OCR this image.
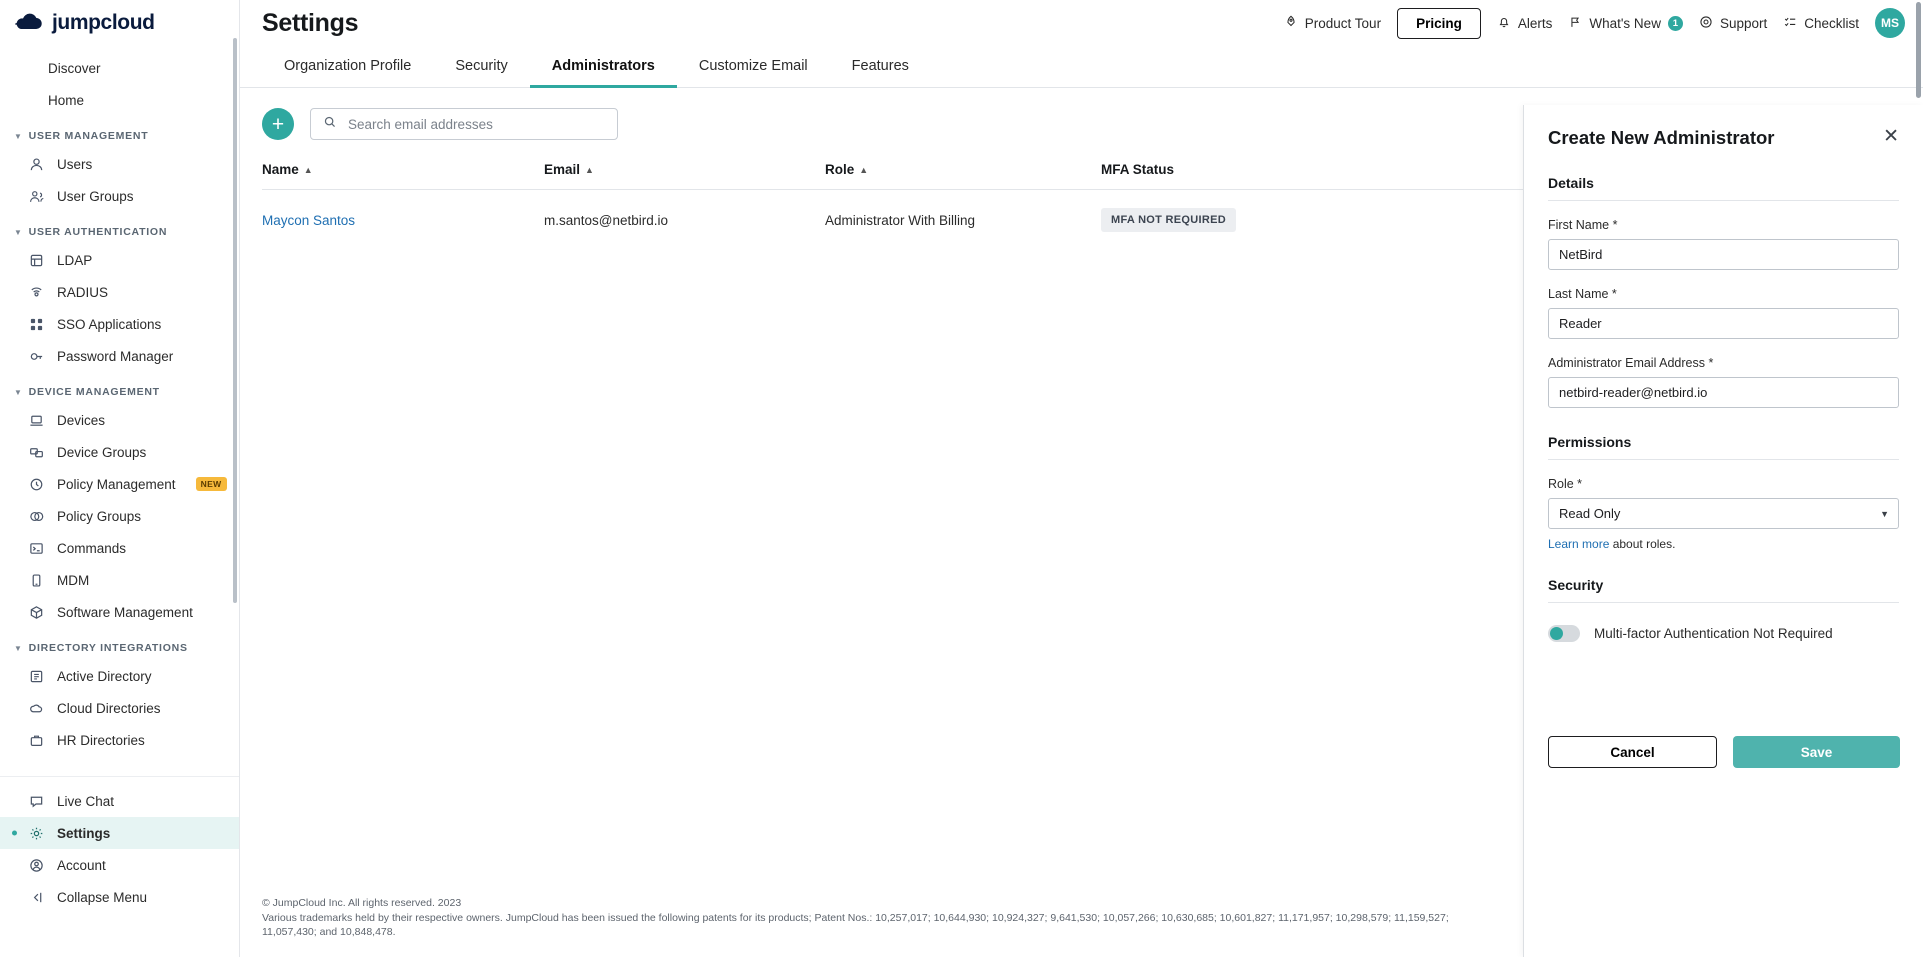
jumpcloud
Discover
Home
▼ USER MANAGEMENT
Users
User Groups
▼ USER AUTHENTICATION
LDAP
RADIUS
SSO Applications
Password Manager
▼ DEVICE MANAGEMENT
Devices
Device Groups
Policy Management	NEW
Policy Groups
Commands
MDM
Software Management
▼ DIRECTORY INTEGRATIONS
Active Directory
Cloud Directories
HR Directories
Live Chat
Settings
Account
Collapse Menu
Settings	Product Tour	Pricing	Alerts	What's New	1	Support	Checklist	MS
Organization Profile	Security	Administrators	Customize Email	Features
+
Search email addresses
Name ▲	Email ▲	Role ▲	MFA Status
Maycon Santos	m.santos@netbird.io	Administrator With Billing	MFA NOT REQUIRED
© JumpCloud Inc. All rights reserved. 2023
Various trademarks held by their respective owners. JumpCloud has been issued the following patents for its products; Patent Nos.: 10,257,017; 10,644,930; 10,924,327; 9,641,530; 10,057,266; 10,630,685; 10,601,827; 11,171,957; 10,298,579; 11,159,527;
11,057,430; and 10,848,478.
Create New Administrator	✕
Details
First Name *
NetBird
Last Name *
Reader
Administrator Email Address *
netbird-reader@netbird.io
Permissions
Role *
Read Only
▼
Learn more about roles.
Security
Multi-factor Authentication Not Required
Cancel	Save
